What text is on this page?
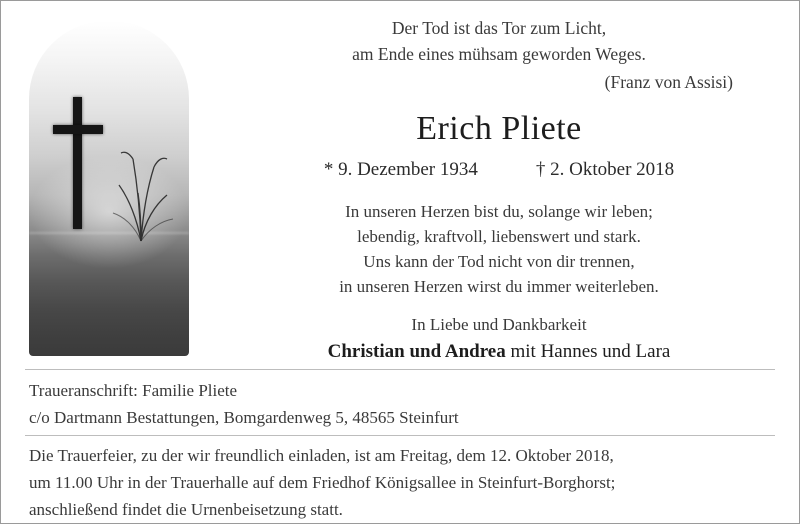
Der Tod ist das Tor zum Licht,
am Ende eines mühsam geworden Weges.
(Franz von Assisi)
Erich Pliete
* 9. Dezember 1934	† 2. Oktober 2018
In unseren Herzen bist du, solange wir leben;
lebendig, kraftvoll, liebenswert und stark.
Uns kann der Tod nicht von dir trennen,
in unseren Herzen wirst du immer weiterleben.
In Liebe und Dankbarkeit
Christian und Andrea mit Hannes und Lara
Traueranschrift: Familie Pliete
c/o Dartmann Bestattungen, Bomgardenweg 5, 48565 Steinfurt
Die Trauerfeier, zu der wir freundlich einladen, ist am Freitag, dem 12. Oktober 2018,
um 11.00 Uhr in der Trauerhalle auf dem Friedhof Königsallee in Steinfurt-Borghorst;
anschließend findet die Urnenbeisetzung statt.
